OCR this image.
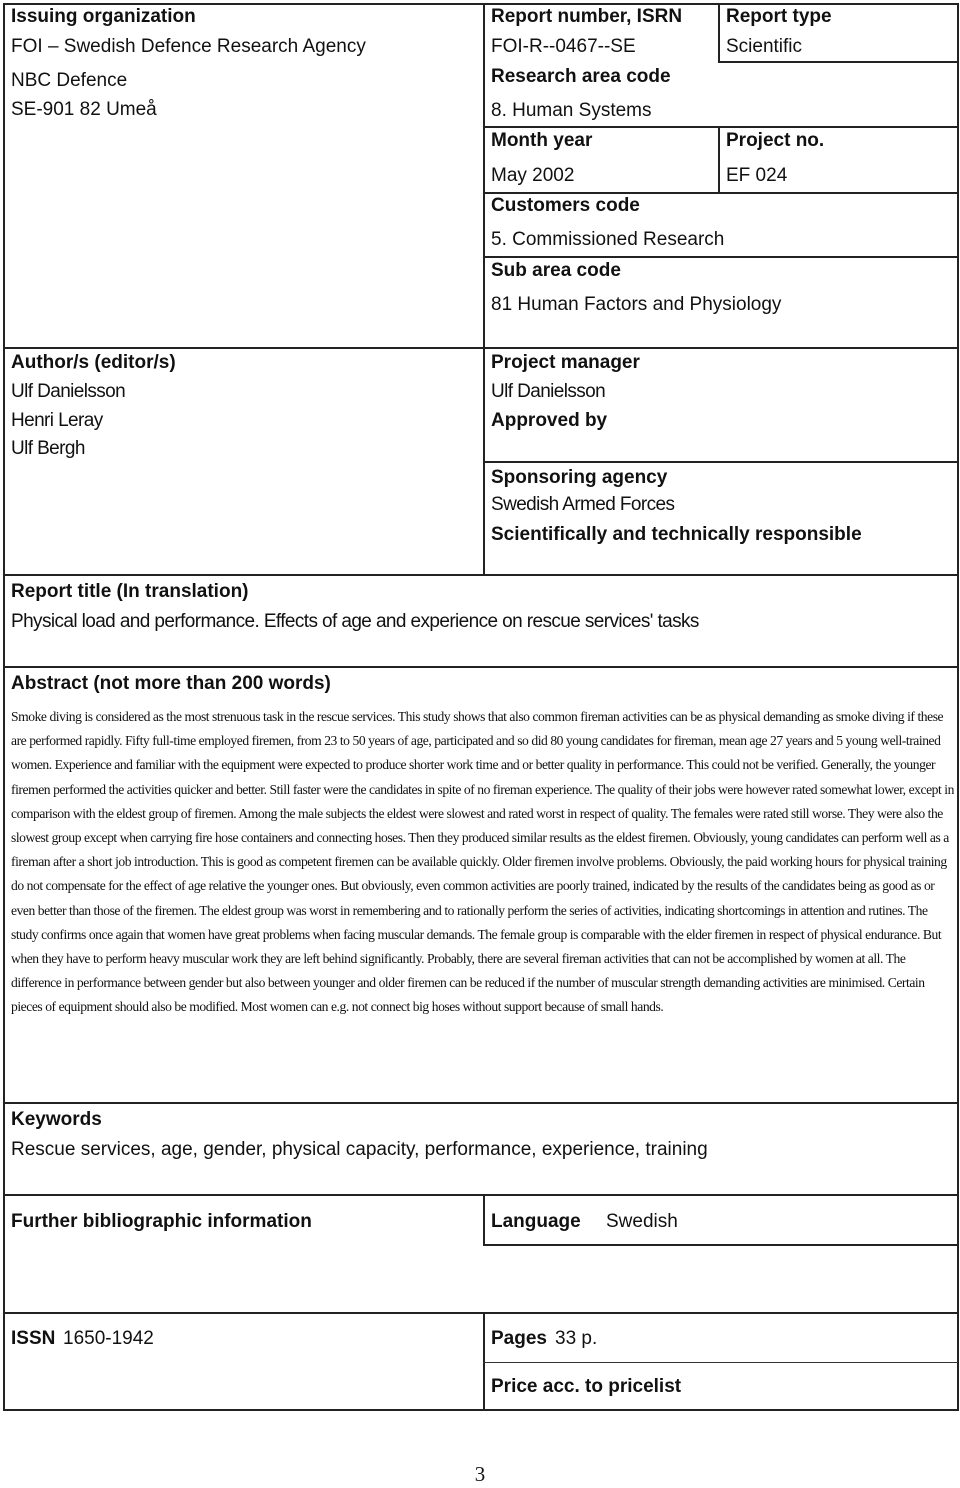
Issuing organization
FOI – Swedish Defence Research Agency
NBC Defence
SE-901 82 Umeå
Report number, ISRN
FOI-R--0467--SE
Report type
Scientific
Research area code
8. Human Systems
Month year
May 2002
Project no.
EF 024
Customers code
5. Commissioned Research
Sub area code
81 Human Factors and Physiology
Author/s (editor/s)
Ulf Danielsson
Henri Leray
Ulf Bergh
Project manager
Ulf Danielsson
Approved by
Sponsoring agency
Swedish Armed Forces
Scientifically and technically responsible
Report title (In translation)
Physical load and performance. Effects of age and experience on rescue services' tasks
Abstract (not more than 200 words)

Smoke diving is considered as the most strenuous task in the rescue services. This study shows that also common fireman activities can be as physical demanding as smoke diving if these are performed rapidly. Fifty full-time employed firemen, from 23 to 50 years of age, participated and so did 80 young candidates for fireman, mean age 27 years and 5 young well-trained women. Experience and familiar with the equipment were expected to produce shorter work time and or better quality in performance. This could not be verified. Generally, the younger firemen performed the activities quicker and better. Still faster were the candidates in spite of no fireman experience. The quality of their jobs were however rated somewhat lower, except in comparison with the eldest group of firemen. Among the male subjects the eldest were slowest and rated worst in respect of quality. The females were rated still worse. They were also the slowest group except when carrying fire hose containers and connecting hoses. Then they produced similar results as the eldest firemen. Obviously, young candidates can perform well as a fireman after a short job introduction. This is good as competent firemen can be available quickly. Older firemen involve problems. Obviously, the paid working hours for physical training do not compensate for the effect of age relative the younger ones. But obviously, even common activities are poorly trained, indicated by the results of the candidates being as good as or even better than those of the firemen. The eldest group was worst in remembering and to rationally perform the series of activities, indicating shortcomings in attention and rutines. The study confirms once again that women have great problems when facing muscular demands. The female group is comparable with the elder firemen in respect of physical endurance. But when they have to perform heavy muscular work they are left behind significantly. Probably, there are several fireman activities that can not be accomplished by women at all. The difference in performance between gender but also between younger and older firemen can be reduced if the number of muscular strength demanding activities are minimised. Certain pieces of equipment should also be modified. Most women can e.g. not connect big hoses without support because of small hands.

Keywords
Rescue services, age, gender, physical capacity, performance, experience, training
Further bibliographic information	Language Swedish
ISSN 1650-1942	Pages 33 p.
Price acc. to pricelist
3
